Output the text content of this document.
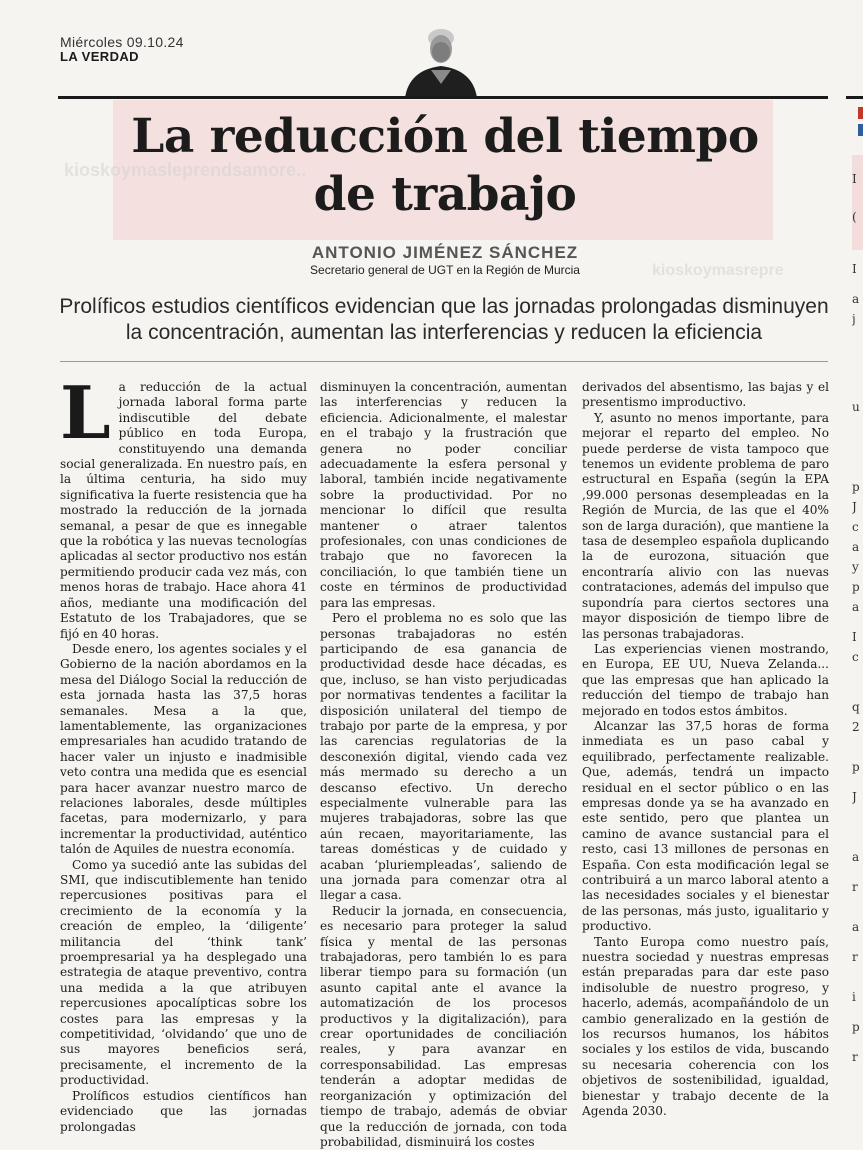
Miércoles 09.10.24
LA VERDAD
kioskoymasleprendsamore..
kioskoymasrepre
La reducción del tiempo
de trabajo
ANTONIO JIMÉNEZ SÁNCHEZ
Secretario general de UGT en la Región de Murcia
Prolíficos estudios científicos evidencian que las jornadas prolongadas disminuyen la concentración, aumentan las interferencias y reducen la eficiencia

La reducción de la actual jornada laboral forma parte indiscutible del debate público en toda Europa, constituyendo una demanda social generalizada. En nuestro país, en la última centuria, ha sido muy significativa la fuerte resistencia que ha mostrado la reducción de la jornada semanal, a pesar de que es innegable que la robótica y las nuevas tecnologías aplicadas al sector productivo nos están permitiendo producir cada vez más, con menos horas de trabajo. Hace ahora 41 años, mediante una modificación del Estatuto de los Trabajadores, que se fijó en 40 horas.

Desde enero, los agentes sociales y el Gobierno de la nación abordamos en la mesa del Diálogo Social la reducción de esta jornada hasta las 37,5 horas semanales. Mesa a la que, lamentablemente, las organizaciones empresariales han acudido tratando de hacer valer un injusto e inadmisible veto contra una medida que es esencial para hacer avanzar nuestro marco de relaciones laborales, desde múltiples facetas, para modernizarlo, y para incrementar la productividad, auténtico talón de Aquiles de nuestra economía.

Como ya sucedió ante las subidas del SMI, que indiscutiblemente han tenido repercusiones positivas para el crecimiento de la economía y la creación de empleo, la ‘diligente’ militancia del ‘think tank’ proempresarial ya ha desplegado una estrategia de ataque preventivo, contra una medida a la que atribuyen repercusiones apocalípticas sobre los costes para las empresas y la competitividad, ‘olvidando’ que uno de sus mayores beneficios será, precisamente, el incremento de la productividad.

Prolíficos estudios científicos han evidenciado que las jornadas prolongadas

disminuyen la concentración, aumentan las interferencias y reducen la eficiencia. Adicionalmente, el malestar en el trabajo y la frustración que genera no poder conciliar adecuadamente la esfera personal y laboral, también incide negativamente sobre la productividad. Por no mencionar lo difícil que resulta mantener o atraer talentos profesionales, con unas condiciones de trabajo que no favorecen la conciliación, lo que también tiene un coste en términos de productividad para las empresas.

Pero el problema no es solo que las personas trabajadoras no estén participando de esa ganancia de productividad desde hace décadas, es que, incluso, se han visto perjudicadas por normativas tendentes a facilitar la disposición unilateral del tiempo de trabajo por parte de la empresa, y por las carencias regulatorias de la desconexión digital, viendo cada vez más mermado su derecho a un descanso efectivo. Un derecho especialmente vulnerable para las mujeres trabajadoras, sobre las que aún recaen, mayoritariamente, las tareas domésticas y de cuidado y acaban ‘pluriempleadas’, saliendo de una jornada para comenzar otra al llegar a casa.

Reducir la jornada, en consecuencia, es necesario para proteger la salud física y mental de las personas trabajadoras, pero también lo es para liberar tiempo para su formación (un asunto capital ante el avance la automatización de los procesos productivos y la digitalización), para crear oportunidades de conciliación reales, y para avanzar en corresponsabilidad. Las empresas tenderán a adoptar medidas de reorganización y optimización del tiempo de trabajo, además de obviar que la reducción de jornada, con toda probabilidad, disminuirá los costes

derivados del absentismo, las bajas y el presentismo improductivo.

Y, asunto no menos importante, para mejorar el reparto del empleo. No puede perderse de vista tampoco que tenemos un evidente problema de paro estructural en España (según la EPA ,99.000 personas desempleadas en la Región de Murcia, de las que el 40% son de larga duración), que mantiene la tasa de desempleo española duplicando la de eurozona, situación que encontraría alivio con las nuevas contrataciones, además del impulso que supondría para ciertos sectores una mayor disposición de tiempo libre de las personas trabajadoras.

Las experiencias vienen mostrando, en Europa, EE UU, Nueva Zelanda... que las empresas que han aplicado la reducción del tiempo de trabajo han mejorado en todos estos ámbitos.

Alcanzar las 37,5 horas de forma inmediata es un paso cabal y equilibrado, perfectamente realizable. Que, además, tendrá un impacto residual en el sector público o en las empresas donde ya se ha avanzado en este sentido, pero que plantea un camino de avance sustancial para el resto, casi 13 millones de personas en España. Con esta modificación legal se contribuirá a un marco laboral atento a las necesidades sociales y el bienestar de las personas, más justo, igualitario y productivo.

Tanto Europa como nuestro país, nuestra sociedad y nuestras empresas están preparadas para dar este paso indisoluble de nuestro progreso, y hacerlo, además, acompañándolo de un cambio generalizado en la gestión de los recursos humanos, los hábitos sociales y los estilos de vida, buscando su necesaria coherencia con los objetivos de sostenibilidad, igualdad, bienestar y trabajo decente de la Agenda 2030.

I
(
I
a
j
u
p
J
c
a
y
p
a
I
c
q
2
p
J
a
r
a
r
i
p
r
